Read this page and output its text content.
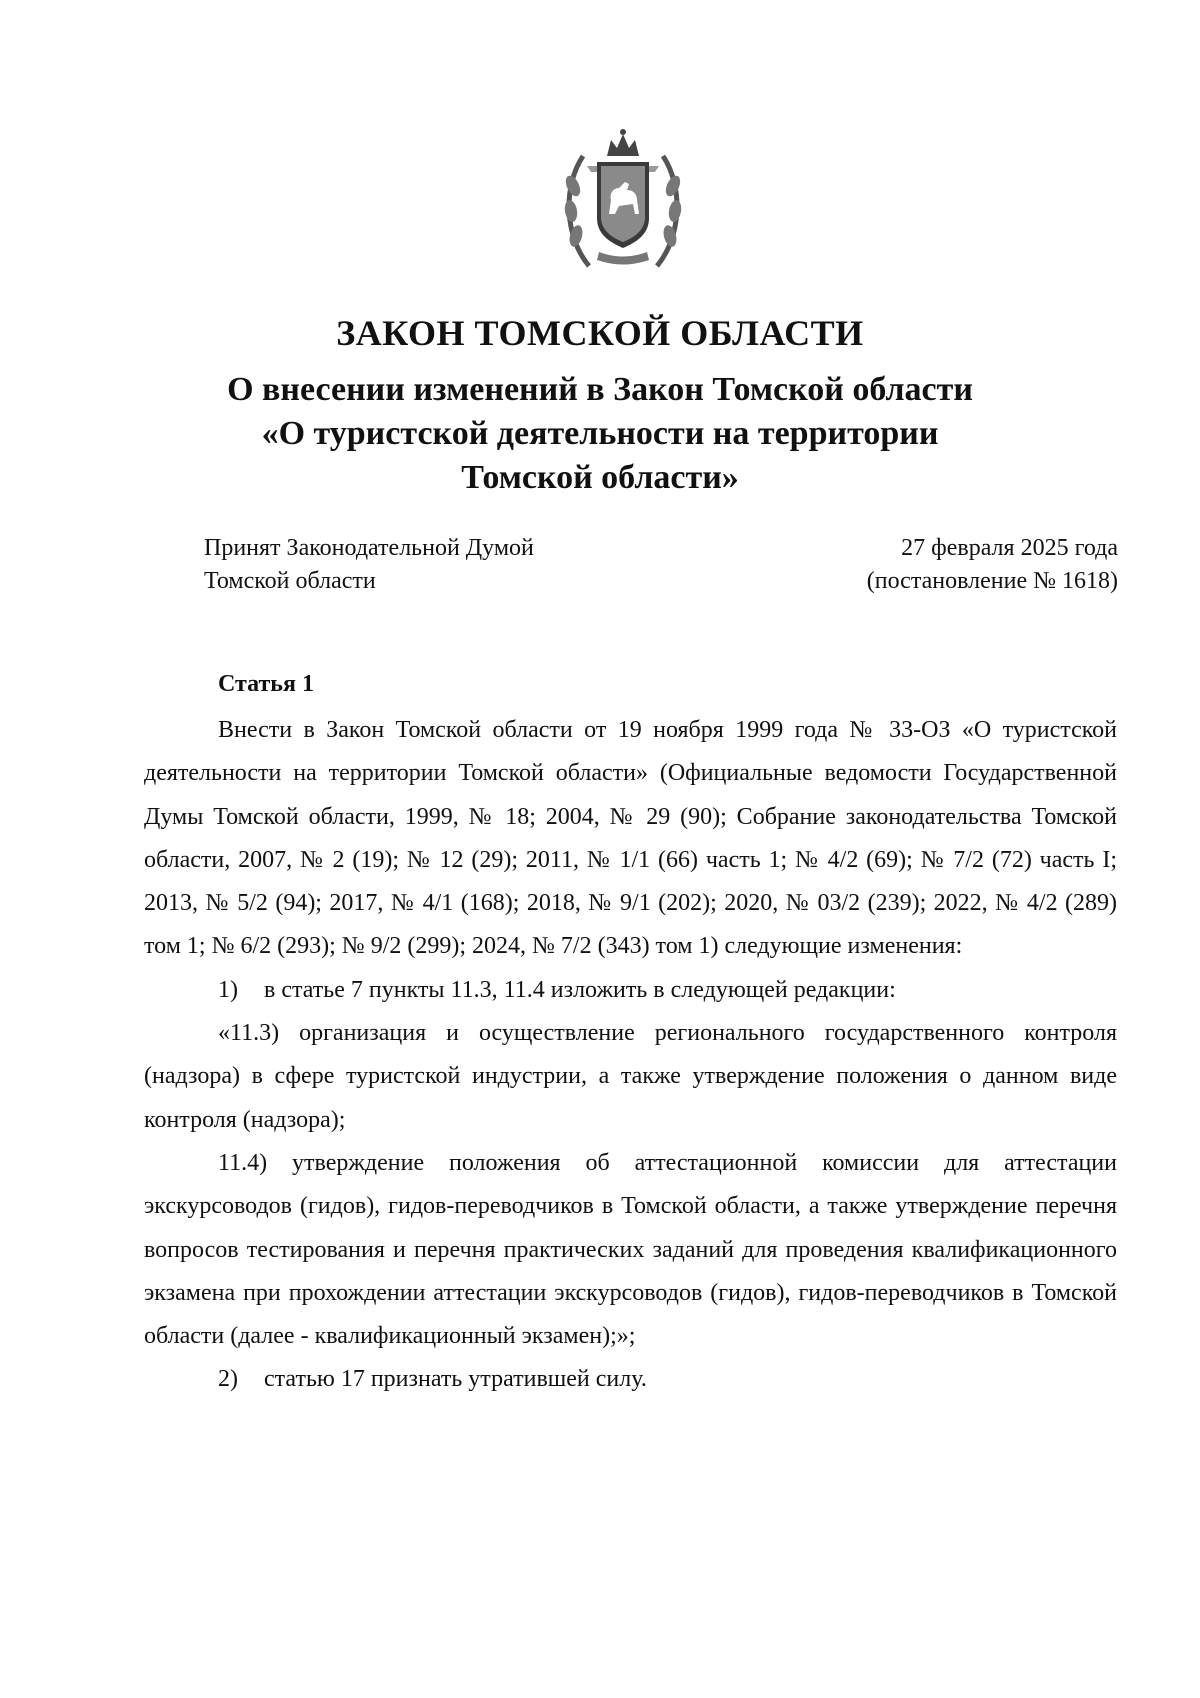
ЗАКОН ТОМСКОЙ ОБЛАСТИ
О внесении изменений в Закон Томской области
«О туристской деятельности на территории
Томской области»
Принят Законодательной Думой
Томской области
27 февраля 2025 года
(постановление № 1618)
Статья 1

Внести в Закон Томской области от 19 ноября 1999 года № 33-ОЗ «О туристской деятельности на территории Томской области» (Официальные ведомости Государственной Думы Томской области, 1999, № 18; 2004, № 29 (90); Собрание законодательства Томской области, 2007, № 2 (19); № 12 (29); 2011, № 1/1 (66) часть 1; № 4/2 (69); № 7/2 (72) часть I; 2013, № 5/2 (94); 2017, № 4/1 (168); 2018, № 9/1 (202); 2020, № 03/2 (239); 2022, № 4/2 (289) том 1; № 6/2 (293); № 9/2 (299); 2024, № 7/2 (343) том 1) следующие изменения:

1) в статье 7 пункты 11.3, 11.4 изложить в следующей редакции:

«11.3) организация и осуществление регионального государственного контроля (надзора) в сфере туристской индустрии, а также утверждение положения о данном виде контроля (надзора);

11.4) утверждение положения об аттестационной комиссии для аттестации экскурсоводов (гидов), гидов-переводчиков в Томской области, а также утверждение перечня вопросов тестирования и перечня практических заданий для проведения квалификационного экзамена при прохождении аттестации экскурсоводов (гидов), гидов-переводчиков в Томской области (далее - квалификационный экзамен);»;

2) статью 17 признать утратившей силу.
